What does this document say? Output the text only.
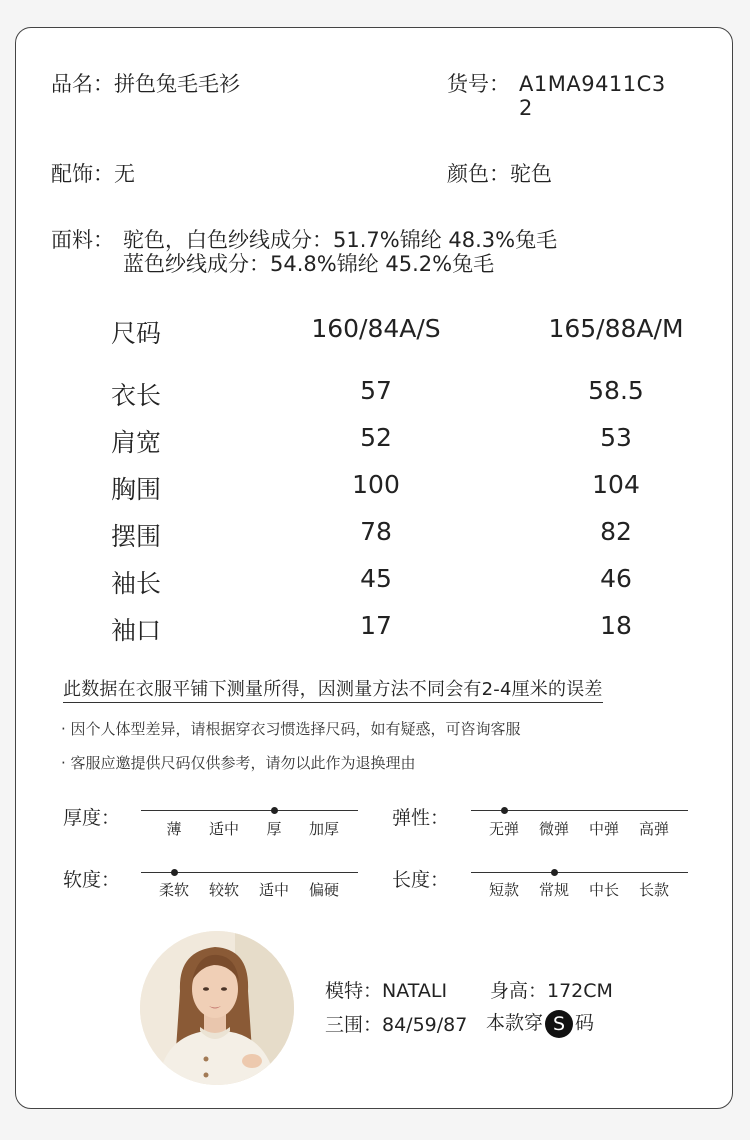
品名：拼色兔毛毛衫	货号： A1MA9411C3
2
配饰：无	颜色：驼色
面料： 驼色，白色纱线成分：51.7%锦纶 48.3%兔毛
蓝色纱线成分：54.8%锦纶 45.2%兔毛
尺码	160/84A/S	165/88A/M
衣长	57	58.5
肩宽	52	53
胸围	100	104
摆围	78	82
袖长	45	46
袖口	17	18
此数据在衣服平铺下测量所得，因测量方法不同会有2-4厘米的误差
· 因个人体型差异，请根据穿衣习惯选择尺码，如有疑惑，可咨询客服
· 客服应邀提供尺码仅供参考，请勿以此作为退换理由
厚度：	薄	适中	厚	加厚	弹性：	无弹	微弹	中弹	高弹
软度：	柔软	较软	适中	偏硬	长度：	短款	常规	中长	长款
模特：NATALI 身高：172CM
三围：84/59/87 本款穿 S 码
